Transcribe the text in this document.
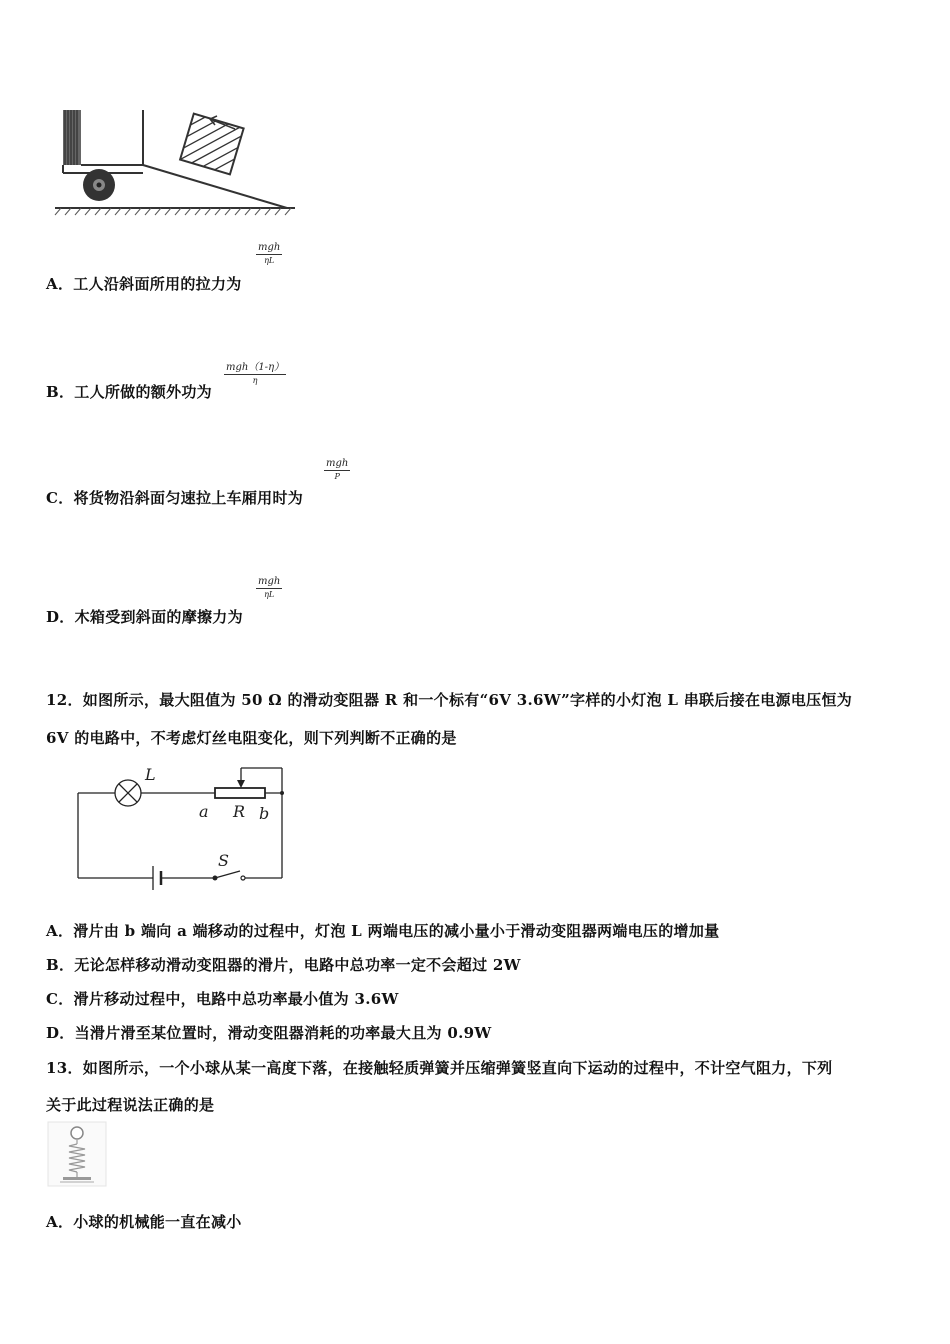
mgh
ηL
A．工人沿斜面所用的拉力为
mgh（1-η）
η
B．工人所做的额外功为
mgh
P
C．将货物沿斜面匀速拉上车厢用时为
mgh
ηL
D．木箱受到斜面的摩擦力为
12．如图所示，最大阻值为 50 Ω 的滑动变阻器 R 和一个标有“6V 3.6W”字样的小灯泡 L 串联后接在电源电压恒为
6V 的电路中，不考虑灯丝电阻变化，则下列判断不正确的是
L
a R b
S
A．滑片由 b 端向 a 端移动的过程中，灯泡 L 两端电压的减小量小于滑动变阻器两端电压的增加量
B．无论怎样移动滑动变阻器的滑片，电路中总功率一定不会超过 2W
C．滑片移动过程中，电路中总功率最小值为 3.6W
D．当滑片滑至某位置时，滑动变阻器消耗的功率最大且为 0.9W
13．如图所示，一个小球从某一高度下落，在接触轻质弹簧并压缩弹簧竖直向下运动的过程中，不计空气阻力，下列
关于此过程说法正确的是
A．小球的机械能一直在减小
